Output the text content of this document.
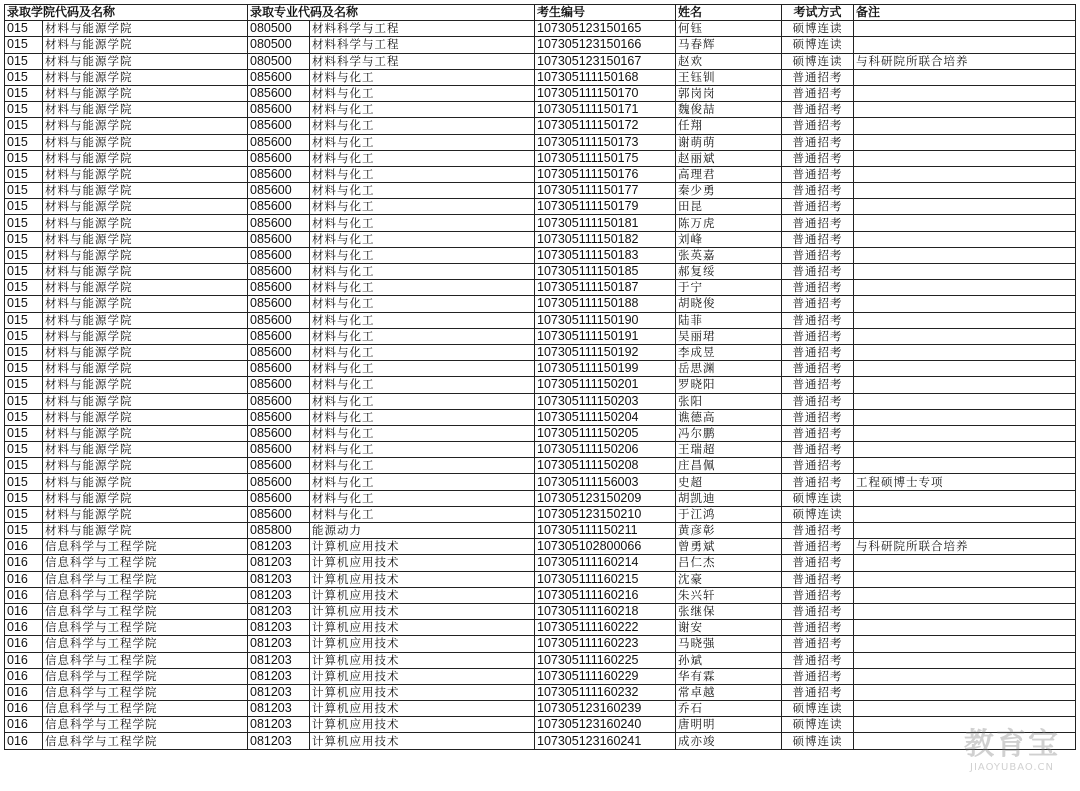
录取学院代码及名称		录取专业代码及名称		考生编号	姓名	考试方式	备注
015	材料与能源学院	080500	材料科学与工程	107305123150165	何钰	硕博连读	
015	材料与能源学院	080500	材料科学与工程	107305123150166	马春辉	硕博连读	
015	材料与能源学院	080500	材料科学与工程	107305123150167	赵欢	硕博连读	与科研院所联合培养
015	材料与能源学院	085600	材料与化工	107305111150168	王钰钏	普通招考	
015	材料与能源学院	085600	材料与化工	107305111150170	郭岗岗	普通招考	
015	材料与能源学院	085600	材料与化工	107305111150171	魏俊喆	普通招考	
015	材料与能源学院	085600	材料与化工	107305111150172	任翔	普通招考	
015	材料与能源学院	085600	材料与化工	107305111150173	谢萌萌	普通招考	
015	材料与能源学院	085600	材料与化工	107305111150175	赵丽斌	普通招考	
015	材料与能源学院	085600	材料与化工	107305111150176	高理君	普通招考	
015	材料与能源学院	085600	材料与化工	107305111150177	秦少勇	普通招考	
015	材料与能源学院	085600	材料与化工	107305111150179	田昆	普通招考	
015	材料与能源学院	085600	材料与化工	107305111150181	陈万虎	普通招考	
015	材料与能源学院	085600	材料与化工	107305111150182	刘峰	普通招考	
015	材料与能源学院	085600	材料与化工	107305111150183	张英嘉	普通招考	
015	材料与能源学院	085600	材料与化工	107305111150185	郝复绥	普通招考	
015	材料与能源学院	085600	材料与化工	107305111150187	于宁	普通招考	
015	材料与能源学院	085600	材料与化工	107305111150188	胡晓俊	普通招考	
015	材料与能源学院	085600	材料与化工	107305111150190	陆菲	普通招考	
015	材料与能源学院	085600	材料与化工	107305111150191	吴丽珺	普通招考	
015	材料与能源学院	085600	材料与化工	107305111150192	李成昱	普通招考	
015	材料与能源学院	085600	材料与化工	107305111150199	岳思渊	普通招考	
015	材料与能源学院	085600	材料与化工	107305111150201	罗晓阳	普通招考	
015	材料与能源学院	085600	材料与化工	107305111150203	张阳	普通招考	
015	材料与能源学院	085600	材料与化工	107305111150204	谯德高	普通招考	
015	材料与能源学院	085600	材料与化工	107305111150205	冯尔鹏	普通招考	
015	材料与能源学院	085600	材料与化工	107305111150206	王瑞超	普通招考	
015	材料与能源学院	085600	材料与化工	107305111150208	庄昌佩	普通招考	
015	材料与能源学院	085600	材料与化工	107305111156003	史超	普通招考	工程硕博士专项
015	材料与能源学院	085600	材料与化工	107305123150209	胡凯迪	硕博连读	
015	材料与能源学院	085600	材料与化工	107305123150210	于江鸿	硕博连读	
015	材料与能源学院	085800	能源动力	107305111150211	黄彦彰	普通招考	
016	信息科学与工程学院	081203	计算机应用技术	107305102800066	曾勇斌	普通招考	与科研院所联合培养
016	信息科学与工程学院	081203	计算机应用技术	107305111160214	吕仁杰	普通招考	
016	信息科学与工程学院	081203	计算机应用技术	107305111160215	沈豪	普通招考	
016	信息科学与工程学院	081203	计算机应用技术	107305111160216	朱兴轩	普通招考	
016	信息科学与工程学院	081203	计算机应用技术	107305111160218	张继保	普通招考	
016	信息科学与工程学院	081203	计算机应用技术	107305111160222	谢安	普通招考	
016	信息科学与工程学院	081203	计算机应用技术	107305111160223	马晓强	普通招考	
016	信息科学与工程学院	081203	计算机应用技术	107305111160225	孙斌	普通招考	
016	信息科学与工程学院	081203	计算机应用技术	107305111160229	华有霖	普通招考	
016	信息科学与工程学院	081203	计算机应用技术	107305111160232	常卓越	普通招考	
016	信息科学与工程学院	081203	计算机应用技术	107305123160239	乔石	硕博连读	
016	信息科学与工程学院	081203	计算机应用技术	107305123160240	唐明明	硕博连读	
016	信息科学与工程学院	081203	计算机应用技术	107305123160241	成亦竣	硕博连读		教育宝
JIAOYUBAO.CN
